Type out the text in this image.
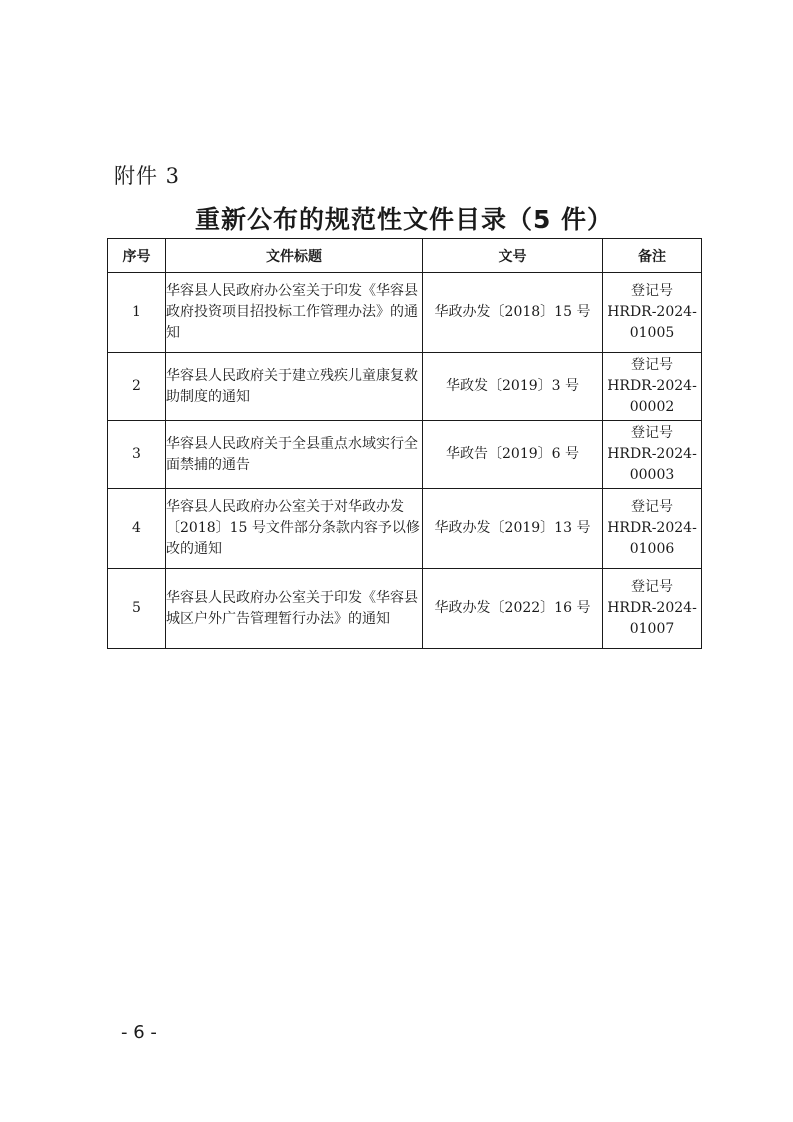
附件 3
重新公布的规范性文件目录（5 件）
序号	文件标题	文号	备注
1	华容县人民政府办公室关于印发《华容县政府投资项目招投标工作管理办法》的通知	华政办发〔2018〕15 号	登记号
HRDR-2024-
01005

2	华容县人民政府关于建立残疾儿童康复救助制度的通知	华政发〔2019〕3 号	登记号
HRDR-2024-
00002

3	华容县人民政府关于全县重点水域实行全面禁捕的通告	华政告〔2019〕6 号	登记号
HRDR-2024-
00003

4	华容县人民政府办公室关于对华政办发〔2018〕15 号文件部分条款内容予以修改的通知	华政办发〔2019〕13 号	登记号
HRDR-2024-
01006

5	华容县人民政府办公室关于印发《华容县城区户外广告管理暂行办法》的通知	华政办发〔2022〕16 号	登记号
HRDR-2024-
01007
- 6 -
